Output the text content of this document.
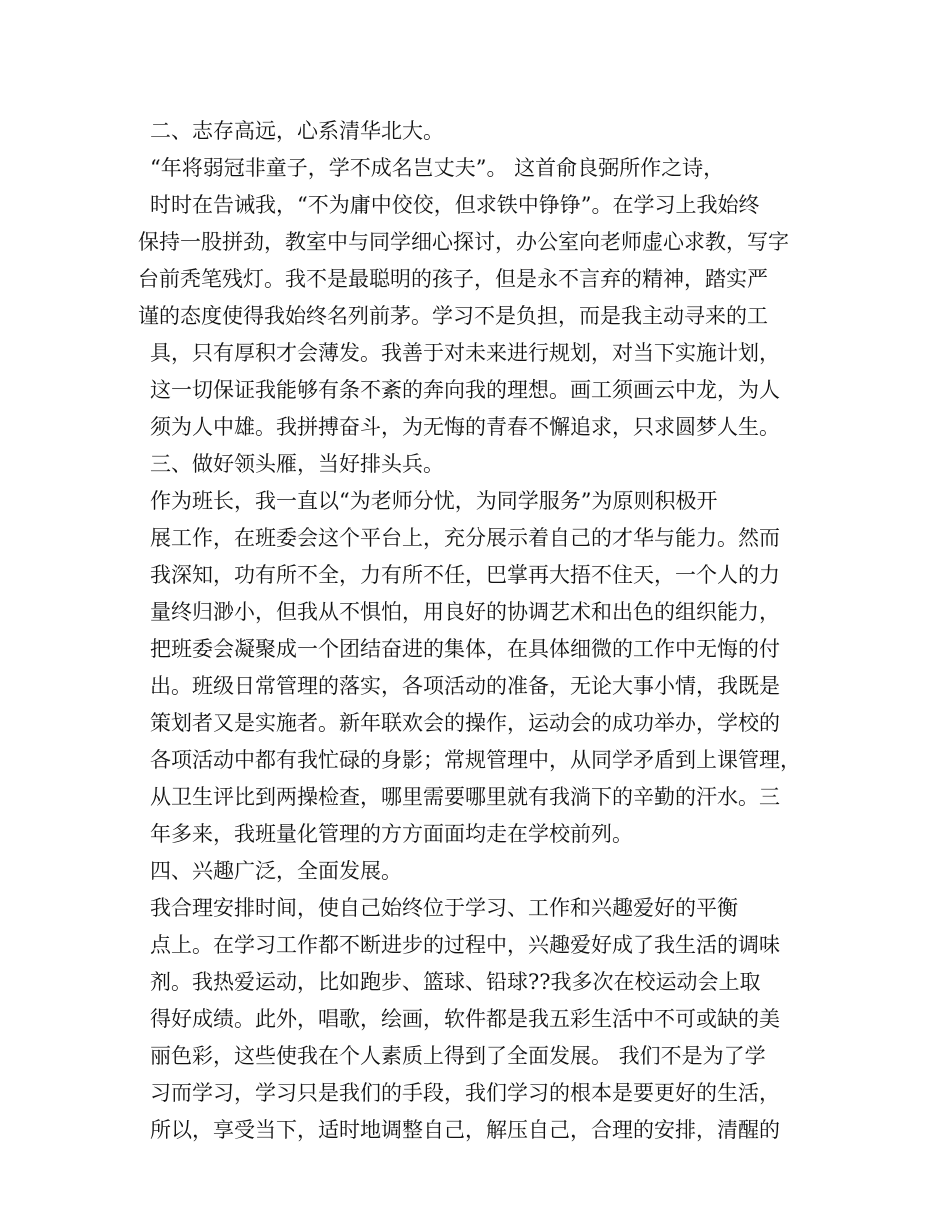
二、志存高远，心系清华北大。
“年将弱冠非童子，学不成名岂丈夫”。 这首俞良弼所作之诗，
时时在告诫我，“不为庸中佼佼，但求铁中铮铮”。在学习上我始终
保持一股拼劲，教室中与同学细心探讨，办公室向老师虚心求教，写字
台前秃笔残灯。我不是最聪明的孩子，但是永不言弃的精神，踏实严
谨的态度使得我始终名列前茅。学习不是负担，而是我主动寻来的工
具，只有厚积才会薄发。我善于对未来进行规划，对当下实施计划，
这一切保证我能够有条不紊的奔向我的理想。画工须画云中龙，为人
须为人中雄。我拼搏奋斗，为无悔的青春不懈追求，只求圆梦人生。
三、做好领头雁，当好排头兵。
作为班长，我一直以“为老师分忧，为同学服务”为原则积极开
展工作，在班委会这个平台上，充分展示着自己的才华与能力。然而
我深知，功有所不全，力有所不任，巴掌再大捂不住天，一个人的力
量终归渺小，但我从不惧怕，用良好的协调艺术和出色的组织能力，
把班委会凝聚成一个团结奋进的集体，在具体细微的工作中无悔的付
出。班级日常管理的落实，各项活动的准备，无论大事小情，我既是
策划者又是实施者。新年联欢会的操作，运动会的成功举办，学校的
各项活动中都有我忙碌的身影；常规管理中，从同学矛盾到上课管理，
从卫生评比到两操检查，哪里需要哪里就有我淌下的辛勤的汗水。三
年多来，我班量化管理的方方面面均走在学校前列。
四、兴趣广泛，全面发展。
我合理安排时间，使自己始终位于学习、工作和兴趣爱好的平衡
点上。在学习工作都不断进步的过程中，兴趣爱好成了我生活的调味
剂。我热爱运动，比如跑步、篮球、铅球??我多次在校运动会上取
得好成绩。此外，唱歌，绘画，软件都是我五彩生活中不可或缺的美
丽色彩，这些使我在个人素质上得到了全面发展。 我们不是为了学
习而学习，学习只是我们的手段，我们学习的根本是要更好的生活，
所以，享受当下，适时地调整自己，解压自己，合理的安排，清醒的
